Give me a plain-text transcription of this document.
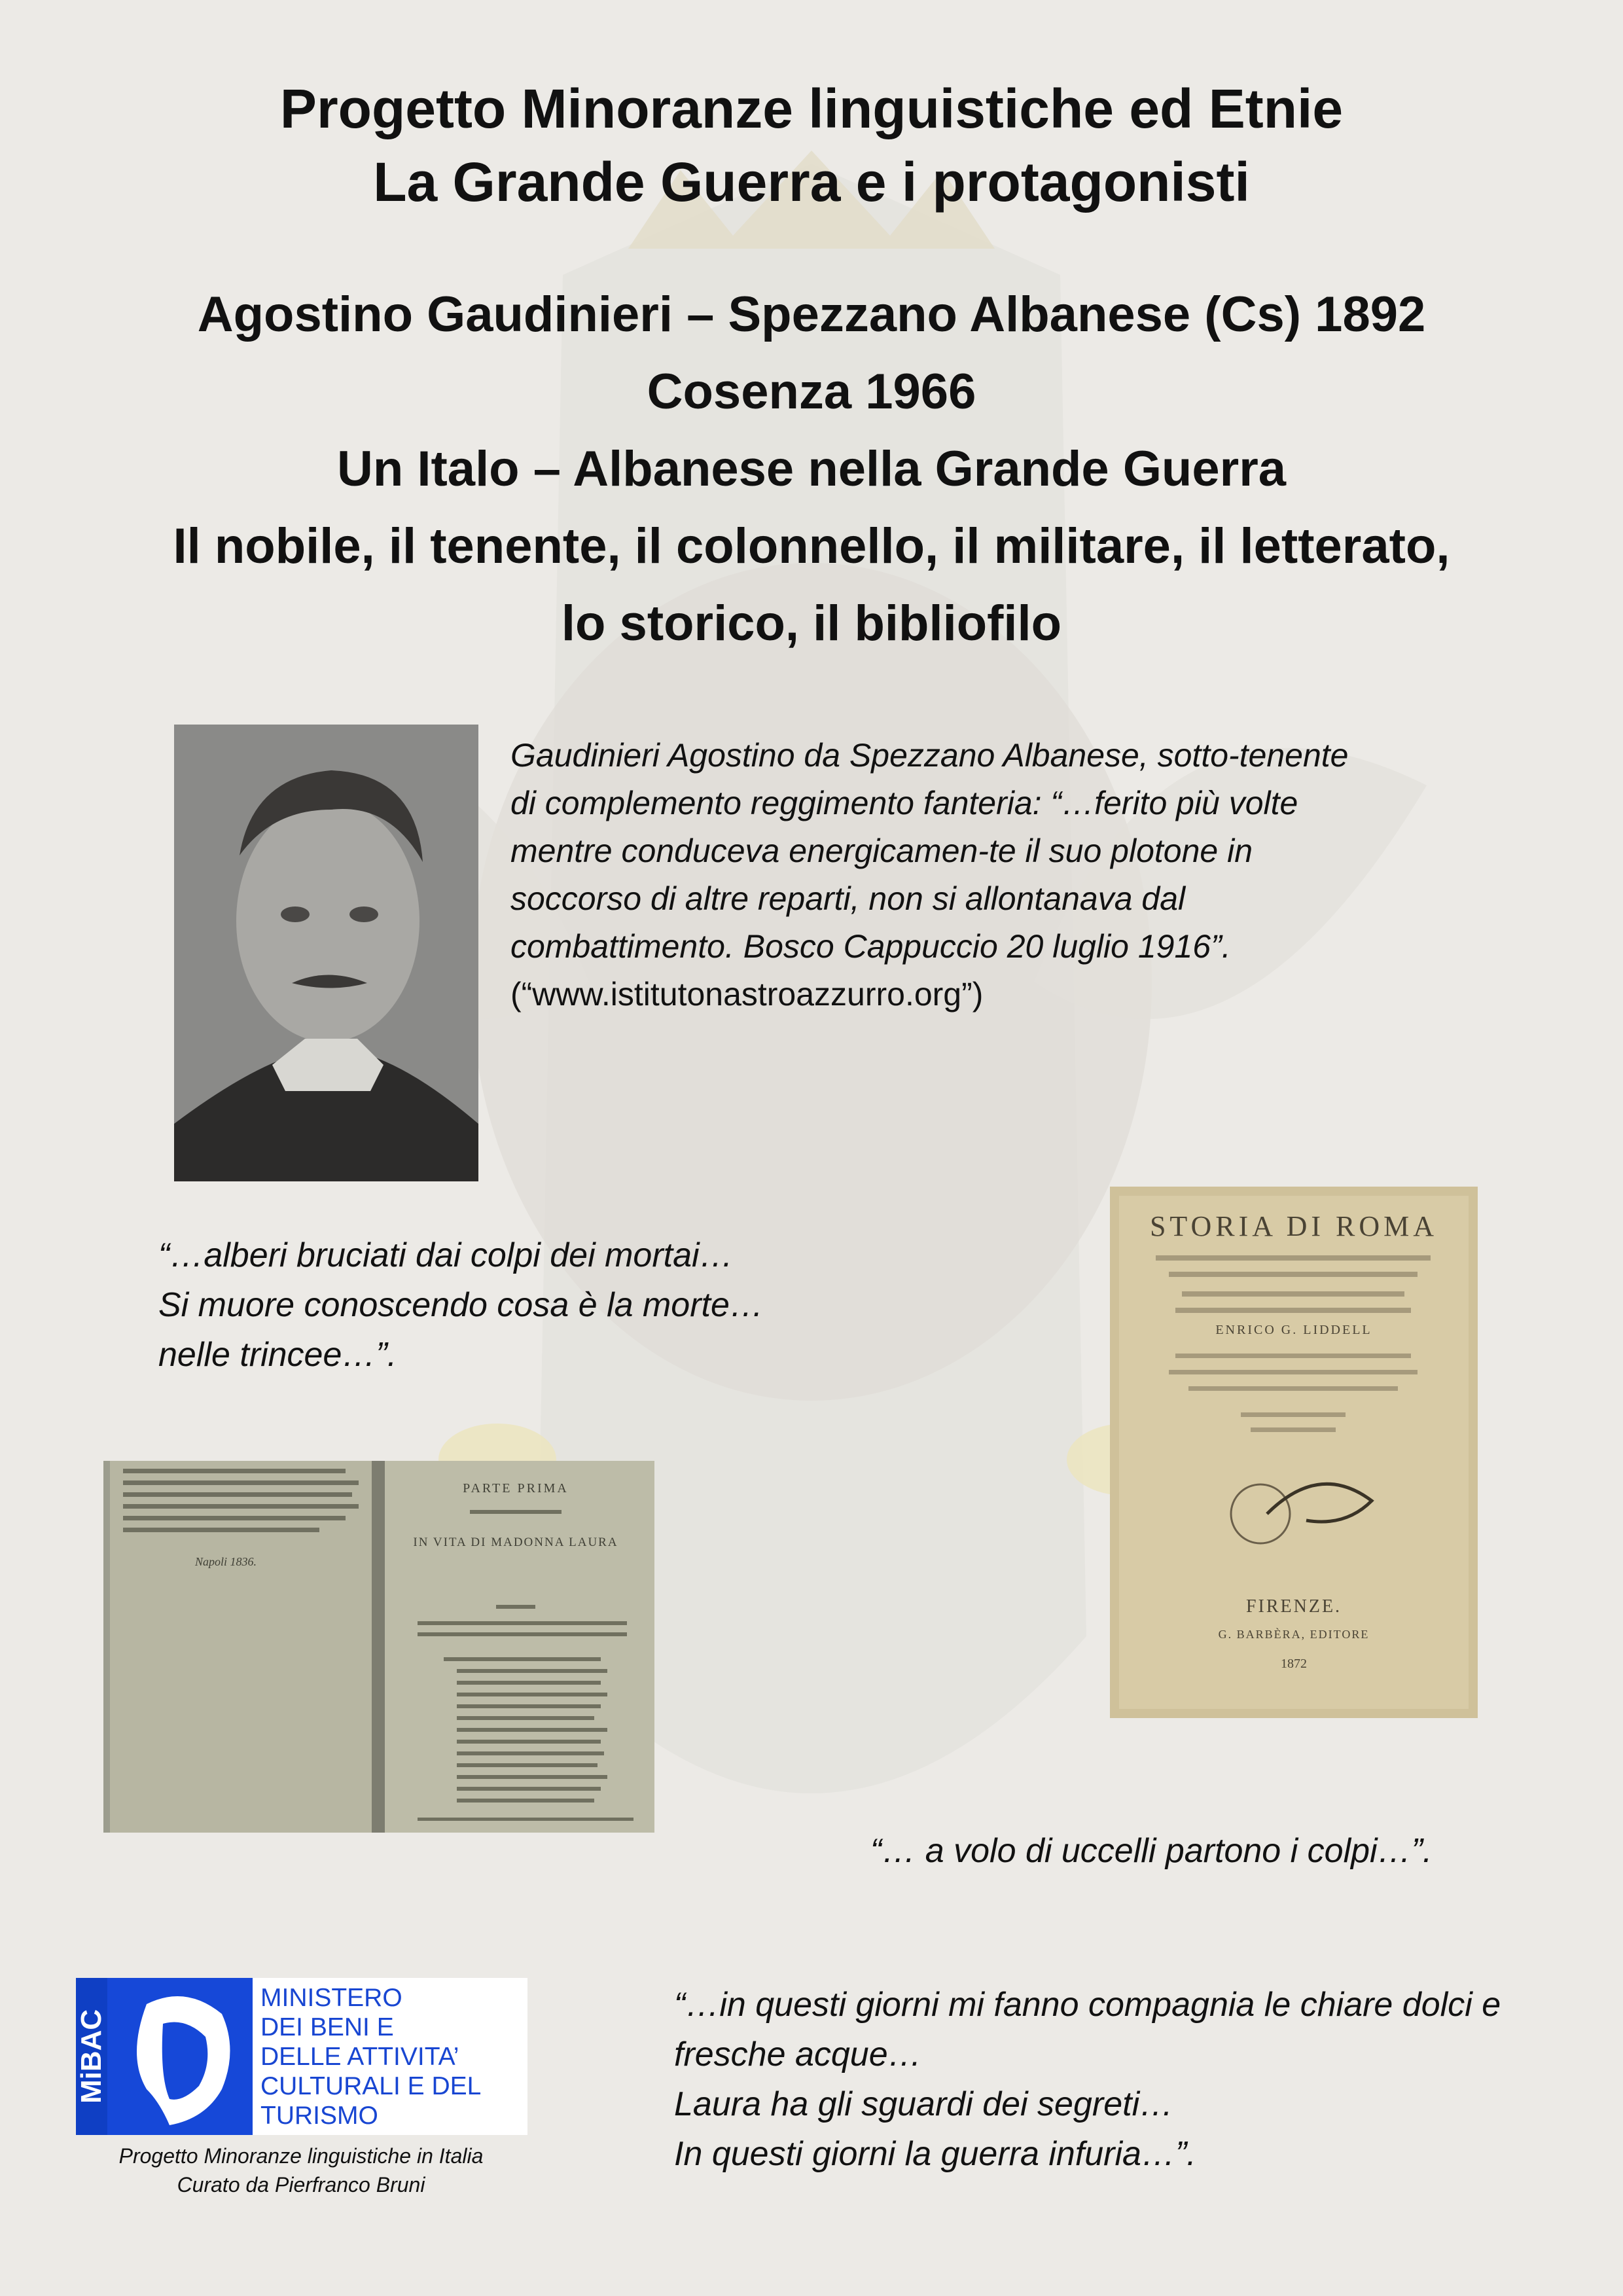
Progetto Minoranze linguistiche ed Etnie
La Grande Guerra e i protagonisti
Agostino Gaudinieri – Spezzano Albanese (Cs) 1892
Cosenza 1966
Un Italo – Albanese nella Grande Guerra
Il nobile, il tenente, il colonnello, il militare, il letterato,
lo storico, il bibliofilo
Gaudinieri Agostino da Spezzano Albanese, sotto-tenente di complemento reggimento fanteria: “…ferito più volte mentre conduceva energicamen-te il suo plotone in soccorso di altre reparti, non si allontanava dal combattimento. Bosco Cappuccio 20 luglio 1916”.
(“www.istitutonastroazzurro.org”)
“…alberi bruciati dai colpi dei mortai…
Si muore conoscendo cosa è la morte…
nelle trincee…”.
STORIA DI ROMA
ENRICO G. LIDDELL
FIRENZE.
G. BARBÈRA, EDITORE
1872
Napoli 1836.
PARTE PRIMA
IN VITA DI MADONNA LAURA
“… a volo di uccelli partono i colpi…”.
“…in questi giorni mi fanno compagnia le chiare dolci e
fresche acque…
Laura ha gli sguardi dei segreti…
In questi giorni la guerra infuria…”.
MiBAC
MINISTERO
DEI BENI E
DELLE ATTIVITA’
CULTURALI E DEL
TURISMO
Progetto Minoranze linguistiche in Italia
Curato da Pierfranco Bruni
